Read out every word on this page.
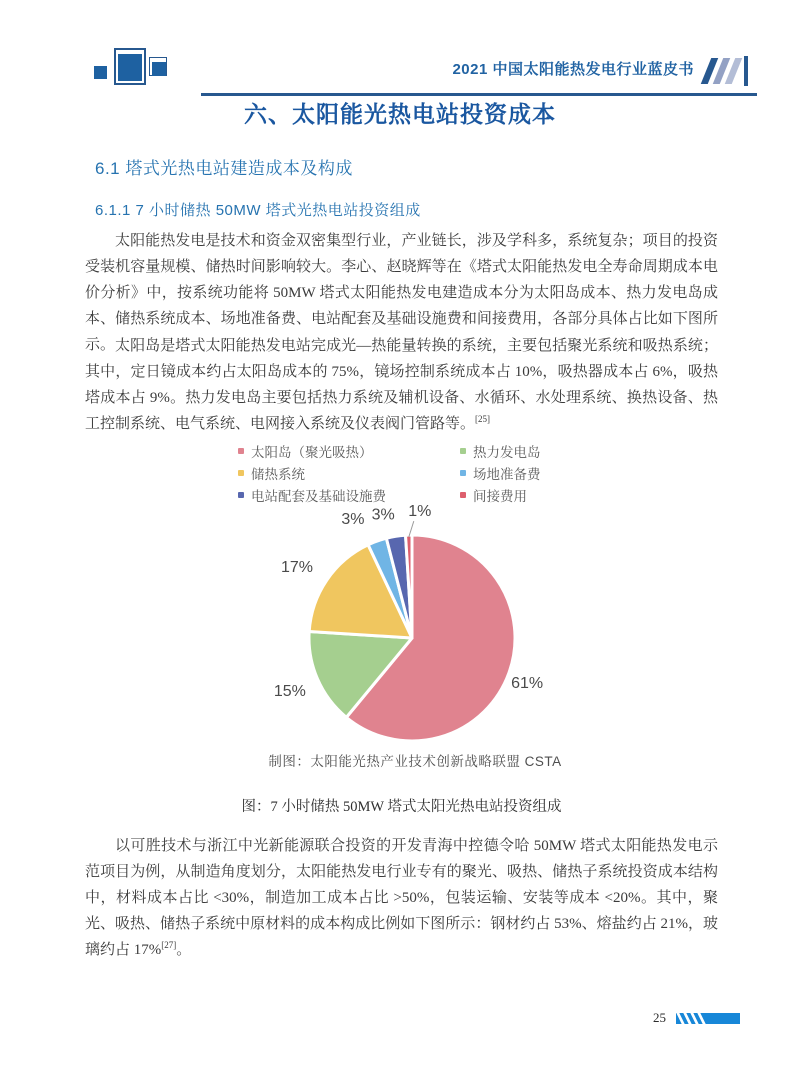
2021 中国太阳能热发电行业蓝皮书
六、太阳能光热电站投资成本
6.1 塔式光热电站建造成本及构成
6.1.1 7 小时储热 50MW 塔式光热电站投资组成

太阳能热发电是技术和资金双密集型行业，产业链长，涉及学科多，系统复杂；项目的投资受装机容量规模、储热时间影响较大。李心、赵晓辉等在《塔式太阳能热发电全寿命周期成本电价分析》中，按系统功能将 50MW 塔式太阳能热发电建造成本分为太阳岛成本、热力发电岛成本、储热系统成本、场地准备费、电站配套及基础设施费和间接费用，各部分具体占比如下图所示。 太阳岛是塔式太阳能热发电站完成光—热能量转换的系统，主要包括聚光系统和吸热系统；其中，定日镜成本约占太阳岛成本的 75%，镜场控制系统成本占 10%，吸热器成本占 6%，吸热塔成本占 9%。热力发电岛主要包括热力系统及辅机设备、水循环、水处理系统、换热设备、热工控制系统、电气系统、电网接入系统及仪表阀门管路等。[25]

太阳岛（聚光吸热）
储热系统
电站配套及基础设施费
热力发电岛
场地准备费
间接费用
61%
15%
17%
3% 3% 1%
制图：太阳能光热产业技术创新战略联盟 CSTA
图：7 小时储热 50MW 塔式太阳光热电站投资组成

以可胜技术与浙江中光新能源联合投资的开发青海中控德令哈 50MW 塔式太阳能热发电示范项目为例，从制造角度划分，太阳能热发电行业专有的聚光、吸热、储热子系统投资成本结构中，材料成本占比 <30%，制造加工成本占比 >50%，包装运输、安装等成本 <20%。其中，聚光、吸热、储热子系统中原材料的成本构成比例如下图所示：钢材约占 53%、熔盐约占 21%，玻璃约占 17%[27]。

25
